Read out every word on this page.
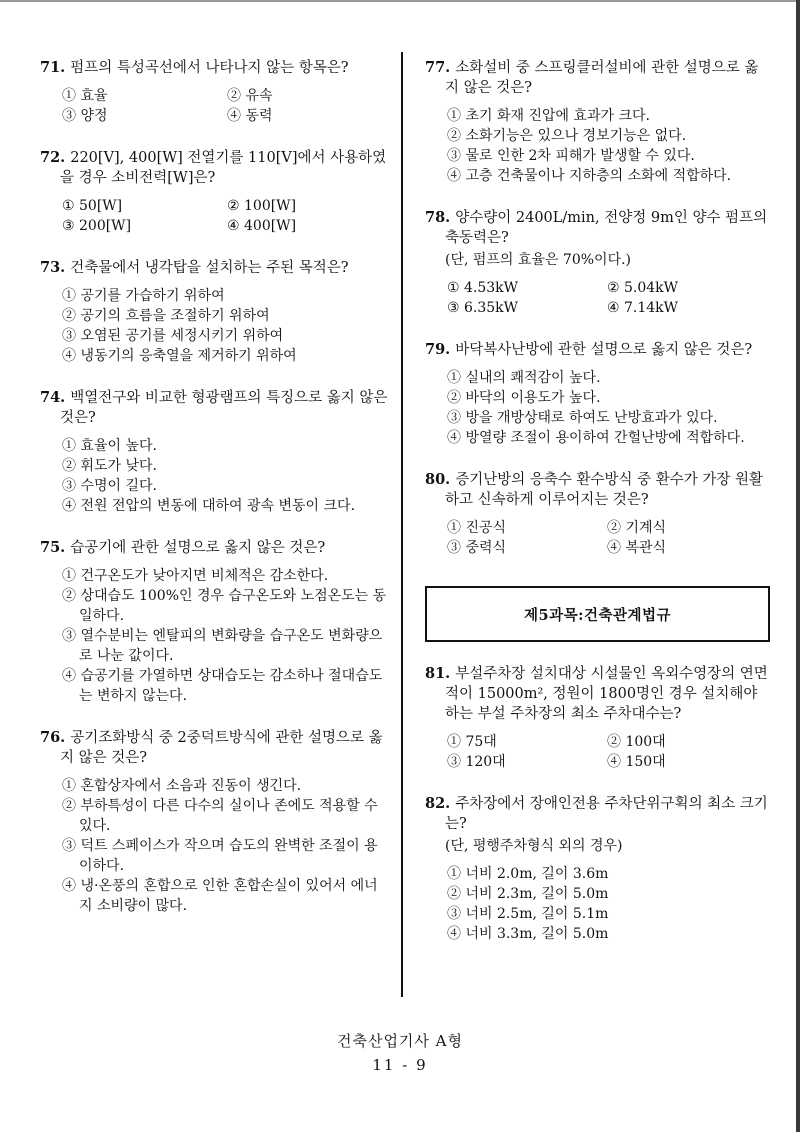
71. 펌프의 특성곡선에서 나타나지 않는 항목은?
① 효율	② 유속
③ 양정	④ 동력
72. 220[V], 400[W] 전열기를 110[V]에서 사용하였을 경우 소비전력[W]은?
① 50[W]	② 100[W]
③ 200[W]	④ 400[W]
73. 건축물에서 냉각탑을 설치하는 주된 목적은?
① 공기를 가습하기 위하여
② 공기의 흐름을 조절하기 위하여
③ 오염된 공기를 세정시키기 위하여
④ 냉동기의 응축열을 제거하기 위하여
74. 백열전구와 비교한 형광램프의 특징으로 옳지 않은 것은?
① 효율이 높다.
② 휘도가 낮다.
③ 수명이 길다.
④ 전원 전압의 변동에 대하여 광속 변동이 크다.
75. 습공기에 관한 설명으로 옳지 않은 것은?
① 건구온도가 낮아지면 비체적은 감소한다.
② 상대습도 100%인 경우 습구온도와 노점온도는 동일하다.
③ 열수분비는 엔탈피의 변화량을 습구온도 변화량으로 나눈 값이다.
④ 습공기를 가열하면 상대습도는 감소하나 절대습도는 변하지 않는다.
76. 공기조화방식 중 2중덕트방식에 관한 설명으로 옳지 않은 것은?
① 혼합상자에서 소음과 진동이 생긴다.
② 부하특성이 다른 다수의 실이나 존에도 적용할 수 있다.
③ 덕트 스페이스가 작으며 습도의 완벽한 조절이 용이하다.
④ 냉·온풍의 혼합으로 인한 혼합손실이 있어서 에너지 소비량이 많다.
77. 소화설비 중 스프링클러설비에 관한 설명으로 옳지 않은 것은?
① 초기 화재 진압에 효과가 크다.
② 소화기능은 있으나 경보기능은 없다.
③ 물로 인한 2차 피해가 발생할 수 있다.
④ 고층 건축물이나 지하층의 소화에 적합하다.
78. 양수량이 2400L/min, 전양정 9m인 양수 펌프의 축동력은?
(단, 펌프의 효율은 70%이다.)
① 4.53kW	② 5.04kW
③ 6.35kW	④ 7.14kW
79. 바닥복사난방에 관한 설명으로 옳지 않은 것은?
① 실내의 쾌적감이 높다.
② 바닥의 이용도가 높다.
③ 방을 개방상태로 하여도 난방효과가 있다.
④ 방열량 조절이 용이하여 간헐난방에 적합하다.
80. 증기난방의 응축수 환수방식 중 환수가 가장 원활하고 신속하게 이루어지는 것은?
① 진공식	② 기계식
③ 중력식	④ 복관식
제5과목:건축관계법규
81. 부설주차장 설치대상 시설물인 옥외수영장의 연면적이 15000m², 정원이 1800명인 경우 설치해야 하는 부설 주차장의 최소 주차대수는?
① 75대	② 100대
③ 120대	④ 150대
82. 주차장에서 장애인전용 주차단위구획의 최소 크기는?
(단, 평행주차형식 외의 경우)
① 너비 2.0m, 길이 3.6m
② 너비 2.3m, 길이 5.0m
③ 너비 2.5m, 길이 5.1m
④ 너비 3.3m, 길이 5.0m
건축산업기사 A형
11 - 9
